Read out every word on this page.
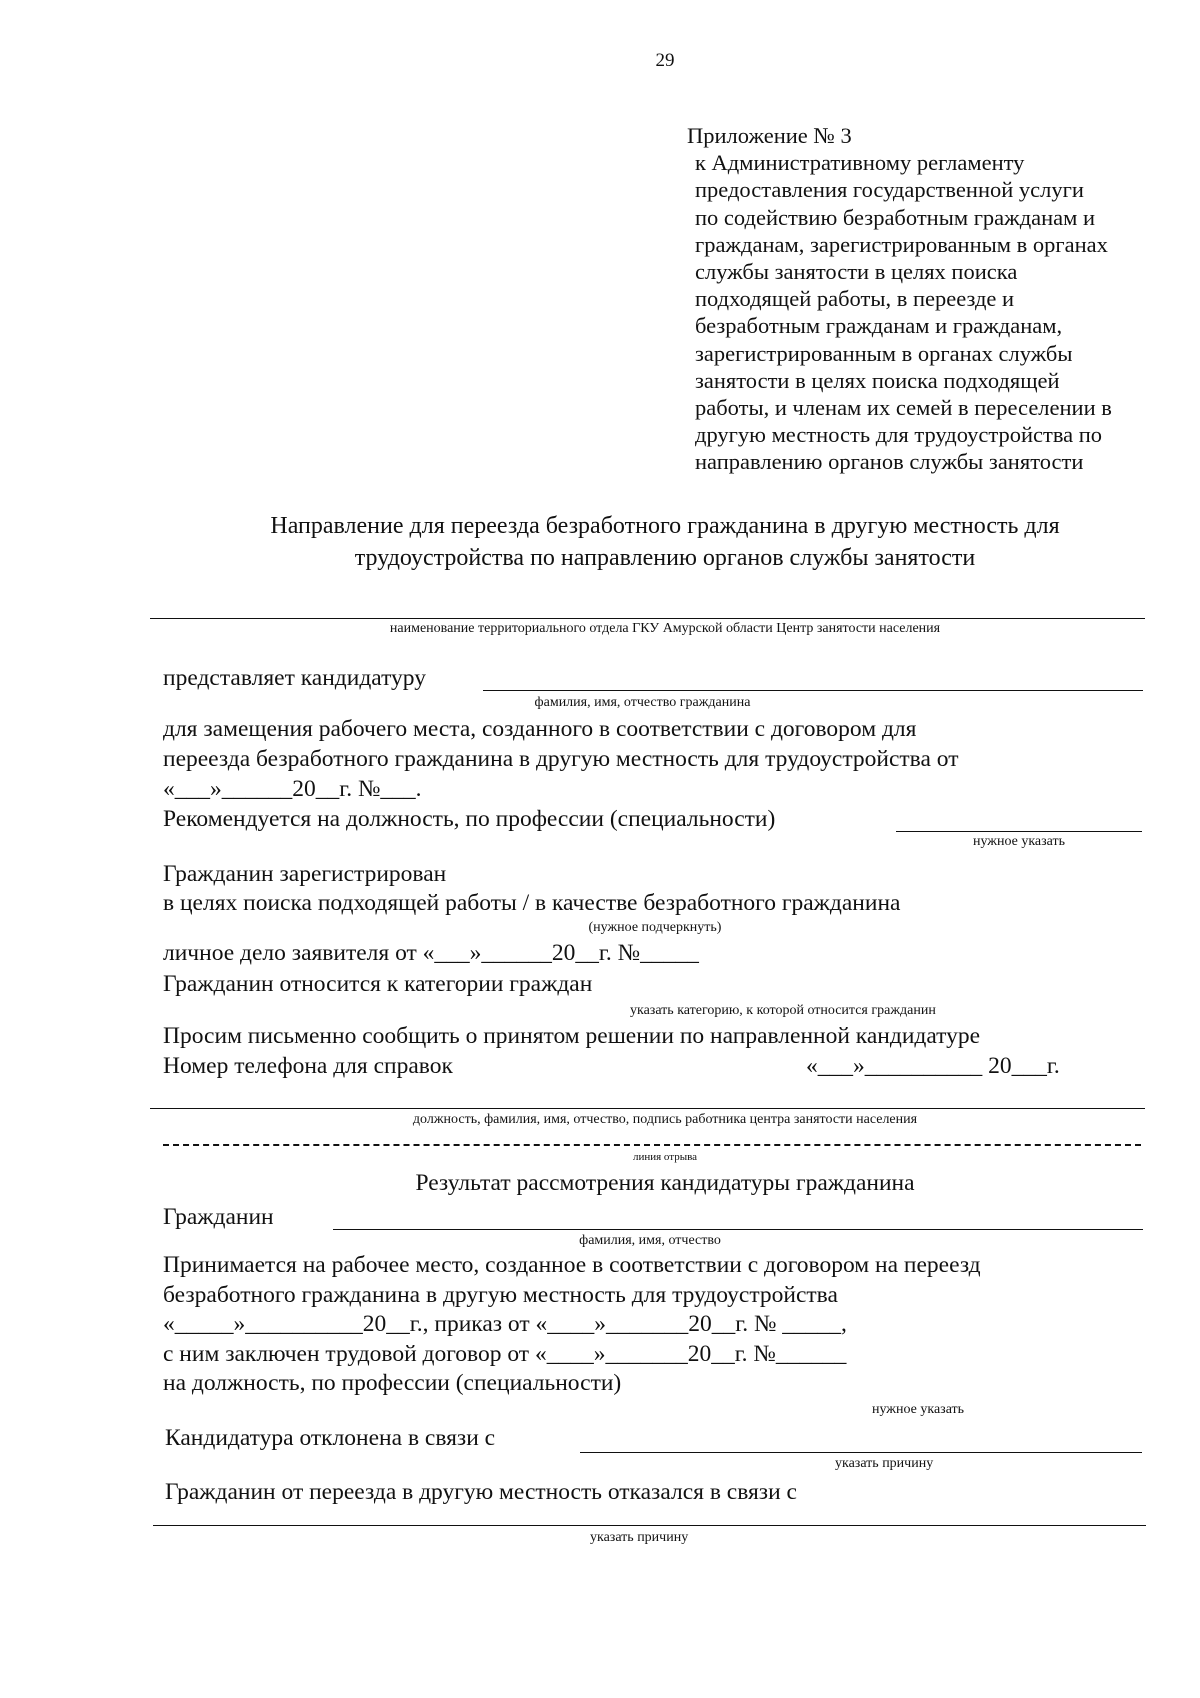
29
Приложение № 3
к Административному регламенту
предоставления государственной услуги
по содействию безработным гражданам и
гражданам, зарегистрированным в органах
службы занятости в целях поиска
подходящей работы, в переезде и
безработным гражданам и гражданам,
зарегистрированным в органах службы
занятости в целях поиска подходящей
работы, и членам их семей в переселении в
другую местность для трудоустройства по
направлению органов службы занятости
Направление для переезда безработного гражданина в другую местность для
трудоустройства по направлению органов службы занятости
наименование территориального отдела ГКУ Амурской области Центр занятости населения
представляет кандидатуру
фамилия, имя, отчество гражданина
для замещения рабочего места, созданного в соответствии с договором для
переезда безработного гражданина в другую местность для трудоустройства от
«___»______20__г. №___.
Рекомендуется на должность, по профессии (специальности)
нужное указать
Гражданин зарегистрирован
в целях поиска подходящей работы / в качестве безработного гражданина
(нужное подчеркнуть)
личное дело заявителя от «___»______20__г. №_____
Гражданин относится к категории граждан
указать категорию, к которой относится гражданин
Просим письменно сообщить о принятом решении по направленной кандидатуре
Номер телефона для справок	«___»__________ 20___г.
должность, фамилия, имя, отчество, подпись работника центра занятости населения
линия отрыва
Результат рассмотрения кандидатуры гражданина
Гражданин
фамилия, имя, отчество
Принимается на рабочее место, созданное в соответствии с договором на переезд
безработного гражданина в другую местность для трудоустройства
«_____»__________20__г., приказ от «____»_______20__г. № _____,
с ним заключен трудовой договор от «____»_______20__г. №______
на должность, по профессии (специальности)
нужное указать
Кандидатура отклонена в связи с
указать причину
Гражданин от переезда в другую местность отказался в связи с
указать причину
